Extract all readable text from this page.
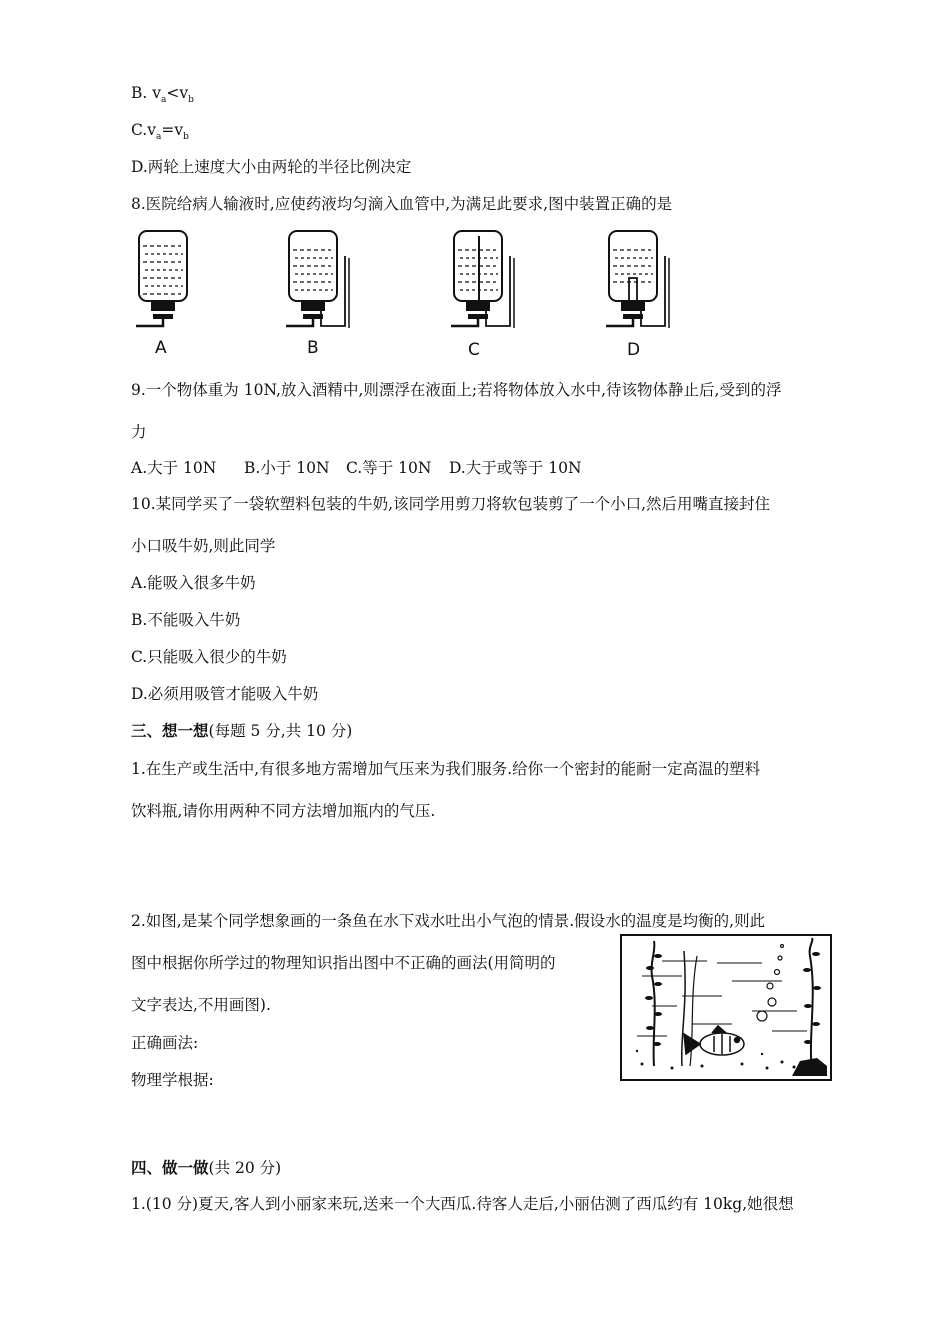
B. $v_a<v_b$
$C.v_a=v_b$
D.两轮上速度大小由两轮的半径比例决定
8.医院给病人输液时,应使药液均匀滴入血管中,为满足此要求,图中装置正确的是
A	B	C	D
9.一个物体重为 10N,放入酒精中,则漂浮在液面上;若将物体放入水中,待该物体静止后,受到的浮
力
A.大于 10N B.小于 10N C.等于 10N D.大于或等于 10N
10.某同学买了一袋软塑料包装的牛奶,该同学用剪刀将软包装剪了一个小口,然后用嘴直接封住
小口吸牛奶,则此同学
A.能吸入很多牛奶
B.不能吸入牛奶
C.只能吸入很少的牛奶
D.必须用吸管才能吸入牛奶
三、想一想(每题 5 分,共 10 分)
1.在生产或生活中,有很多地方需增加气压来为我们服务.给你一个密封的能耐一定高温的塑料
饮料瓶,请你用两种不同方法增加瓶内的气压.
2.如图,是某个同学想象画的一条鱼在水下戏水吐出小气泡的情景.假设水的温度是均衡的,则此
图中根据你所学过的物理知识指出图中不正确的画法(用简明的
文字表达,不用画图).
正确画法:
物理学根据:
四、做一做(共 20 分)
1.(10 分)夏天,客人到小丽家来玩,送来一个大西瓜.待客人走后,小丽估测了西瓜约有 10kg,她很想
